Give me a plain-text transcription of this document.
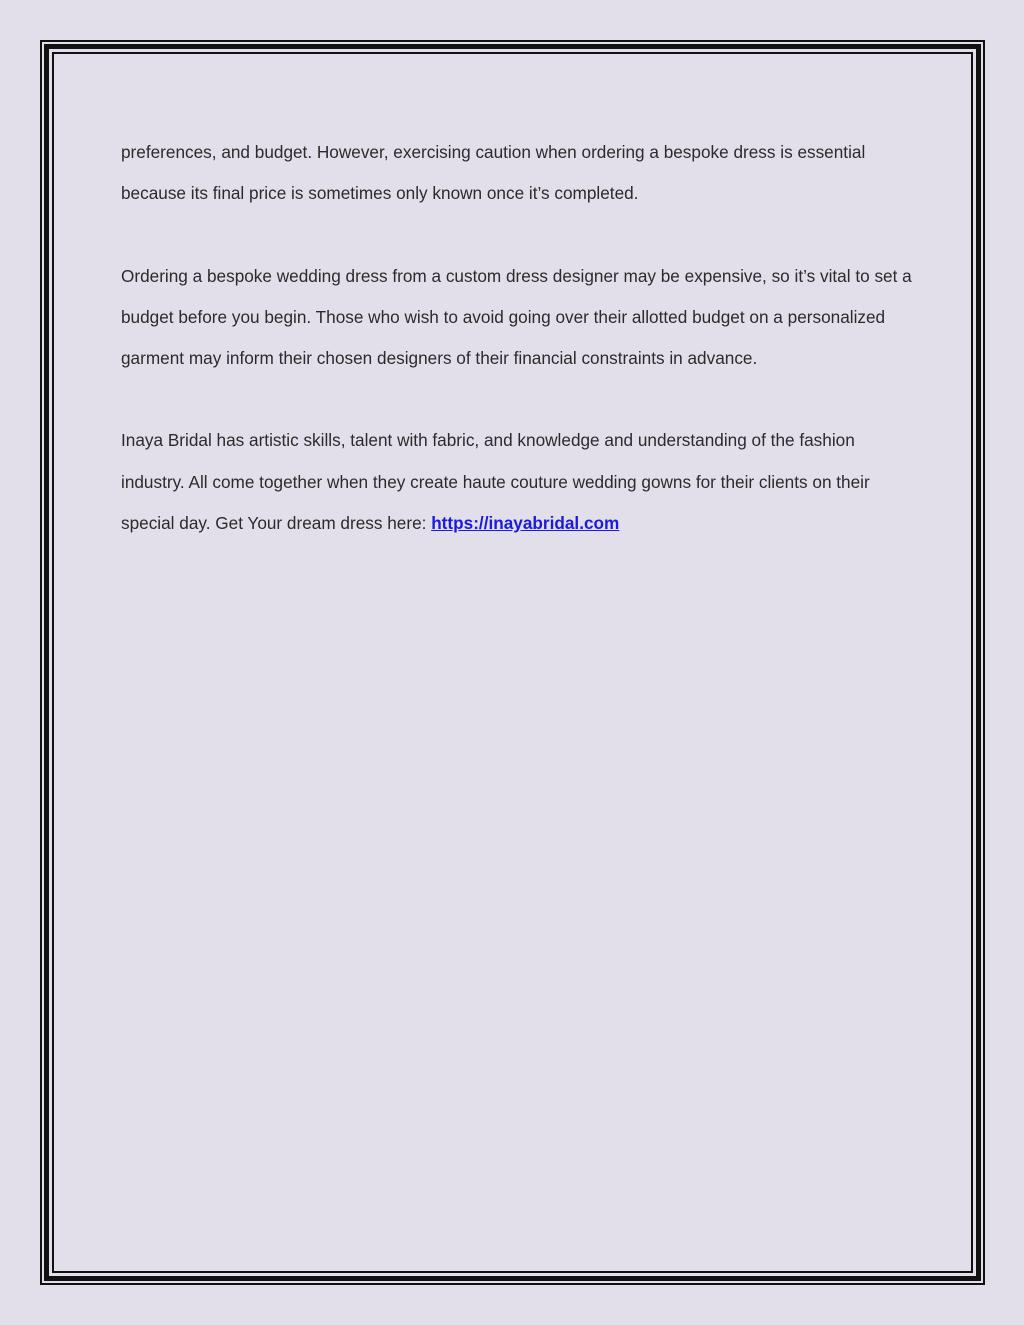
preferences, and budget. However, exercising caution when ordering a bespoke dress is essential because its final price is sometimes only known once it’s completed.

Ordering a bespoke wedding dress from a custom dress designer may be expensive, so it’s vital to set a budget before you begin. Those who wish to avoid going over their allotted budget on a personalized garment may inform their chosen designers of their financial constraints in advance.

Inaya Bridal has artistic skills, talent with fabric, and knowledge and understanding of the fashion industry. All come together when they create haute couture wedding gowns for their clients on their special day. Get Your dream dress here: https://inayabridal.com
